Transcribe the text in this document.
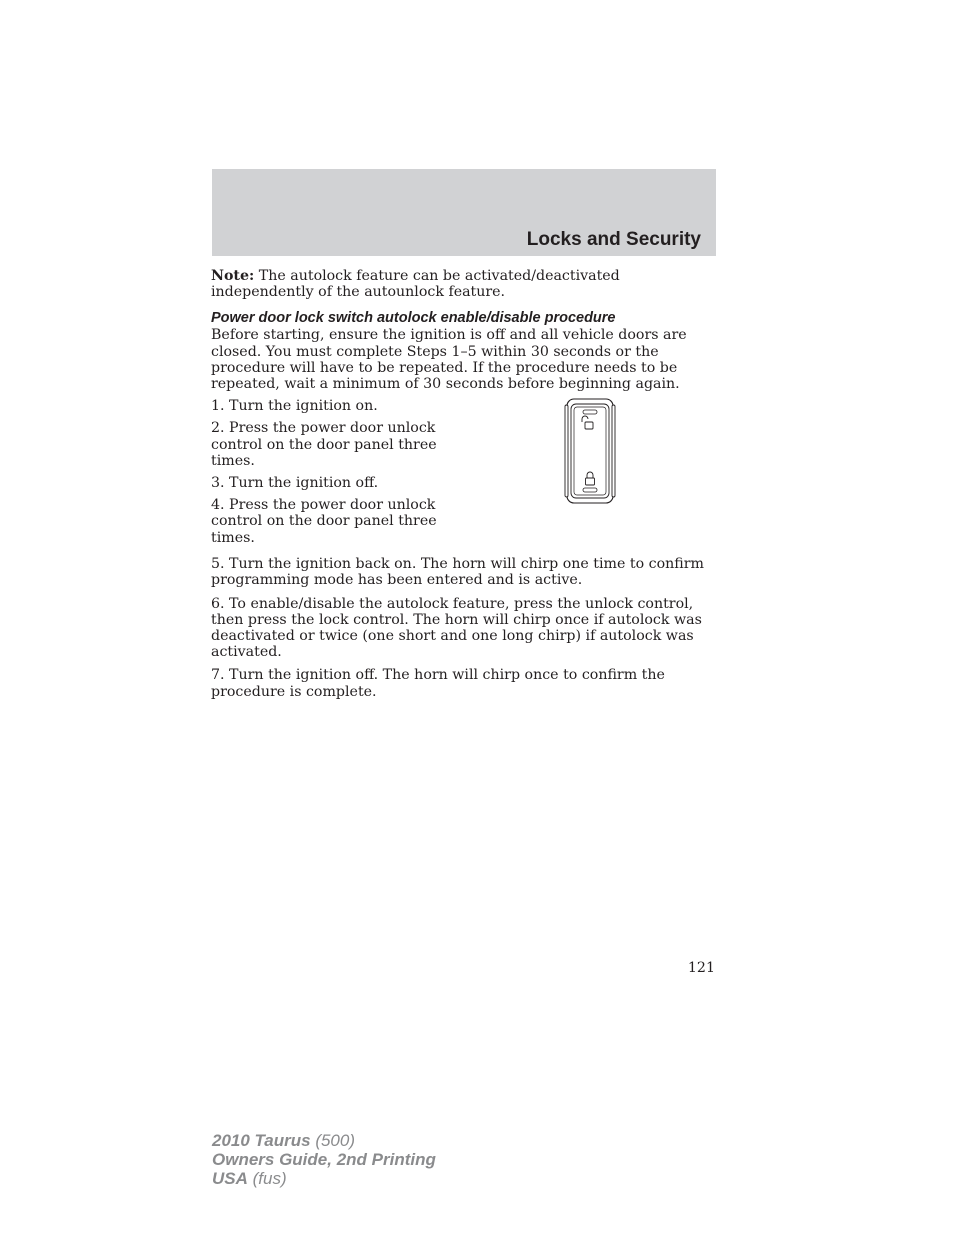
Locks and Security

Note: The autolock feature can be activated/deactivated independently of the autounlock feature.

Power door lock switch autolock enable/disable procedure

Before starting, ensure the ignition is off and all vehicle doors are closed. You must complete Steps 1–5 within 30 seconds or the procedure will have to be repeated. If the procedure needs to be repeated, wait a minimum of 30 seconds before beginning again.

1. Turn the ignition on.

2. Press the power door unlock control on the door panel three times.

3. Turn the ignition off.

4. Press the power door unlock control on the door panel three times.

5. Turn the ignition back on. The horn will chirp one time to confirm programming mode has been entered and is active.

6. To enable/disable the autolock feature, press the unlock control, then press the lock control. The horn will chirp once if autolock was deactivated or twice (one short and one long chirp) if autolock was activated.

7. Turn the ignition off. The horn will chirp once to confirm the procedure is complete.

121
2010 Taurus (500)
Owners Guide, 2nd Printing
USA (fus)
